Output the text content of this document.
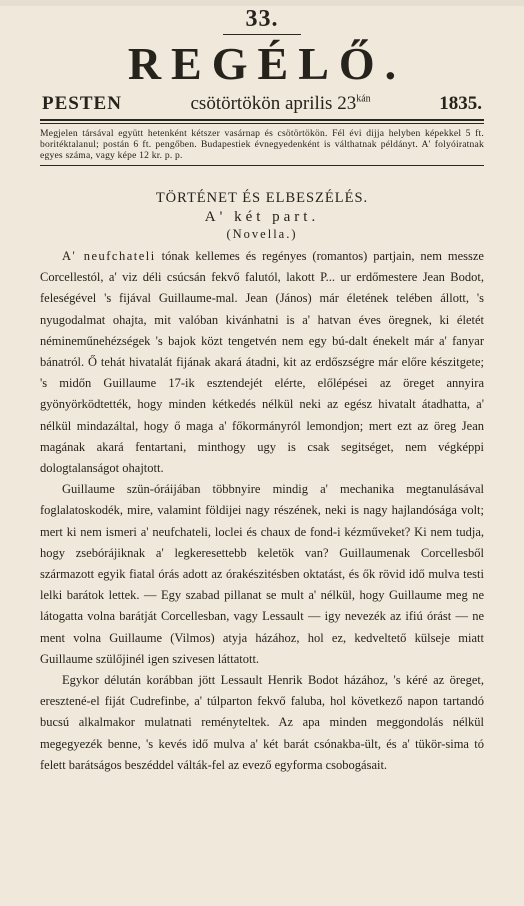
33.
REGÉLŐ.
PESTEN	csötörtökön aprilis $23^{kán}$	1835.
Megjelen társával együtt hetenként kétszer vasárnap és csötörtökön. Fél évi dijja helyben képekkel 5 ft. boritéktalanul; postán 6 ft. pengőben. Budapestiek évnegyedenként is válthatnak példányt. A' folyóiratnak egyes száma, vagy képe 12 kr. p. p.
TÖRTÉNET ÉS ELBESZÉLÉS.
A' két part.
(Novella.)

A' neufchateli tónak kellemes és regényes (romantos) partjain, nem messze Corcellestól, a' viz déli csúcsán fekvő falutól, lakott P... ur erdőmestere Jean Bodot, feleségével 's fijával Guillaume-mal. Jean (János) már életének telében állott, 's nyugodalmat ohajta, mit valóban kivánhatni is a' hatvan éves öregnek, ki életét némineműnehézségek 's bajok közt tengetvén nem egy bú-dalt énekelt már a' fanyar bánatról. Ő tehát hivatalát fijának akará átadni, kit az erdőszségre már előre készitgete; 's midőn Guillaume 17-ik esztendejét elérte, előlépései az öreget annyira gyönyörködtették, hogy minden kétkedés nélkül neki az egész hivatalt átadhatta, a' nélkül mindazáltal, hogy ő maga a' főkormányról lemondjon; mert ezt az öreg Jean magának akará fentartani, minthogy ugy is csak segitséget, nem végképpi dologtalanságot ohajtott.

Guillaume szün-óráijában többnyire mindig a' mechanika megtanulásával foglalatoskodék, mire, valamint földijei nagy részének, neki is nagy hajlandósága volt; mert ki nem ismeri a' neufchateli, loclei és chaux de fond-i kézműveket? Ki nem tudja, hogy zsebórájiknak a' legkeresettebb keletök van? Guillaumenak Corcellesből származott egyik fiatal órás adott az órakészitésben oktatást, és ők rövid idő mulva testi lelki barátok lettek. — Egy szabad pillanat se mult a' nélkül, hogy Guillaume meg ne látogatta volna barátját Corcellesban, vagy Lessault — igy nevezék az ifiú órást — ne ment volna Guillaume (Vilmos) atyja házához, hol ez, kedveltető külseje miatt Guillaume szülőjinél igen szivesen láttatott.

Egykor délután korábban jött Lessault Henrik Bodot házához, 's kéré az öreget, eresztené-el fiját Cudrefinbe, a' túlparton fekvő faluba, hol következő napon tartandó bucsú alkalmakor mulatnati reményteltek. Az apa minden meggondolás nélkül megegyezék benne, 's kevés idő mulva a' két barát csónakba-ült, és a' tükör-sima tó felett barátságos beszéddel válták-fel az evező egyforma csobogásait.
